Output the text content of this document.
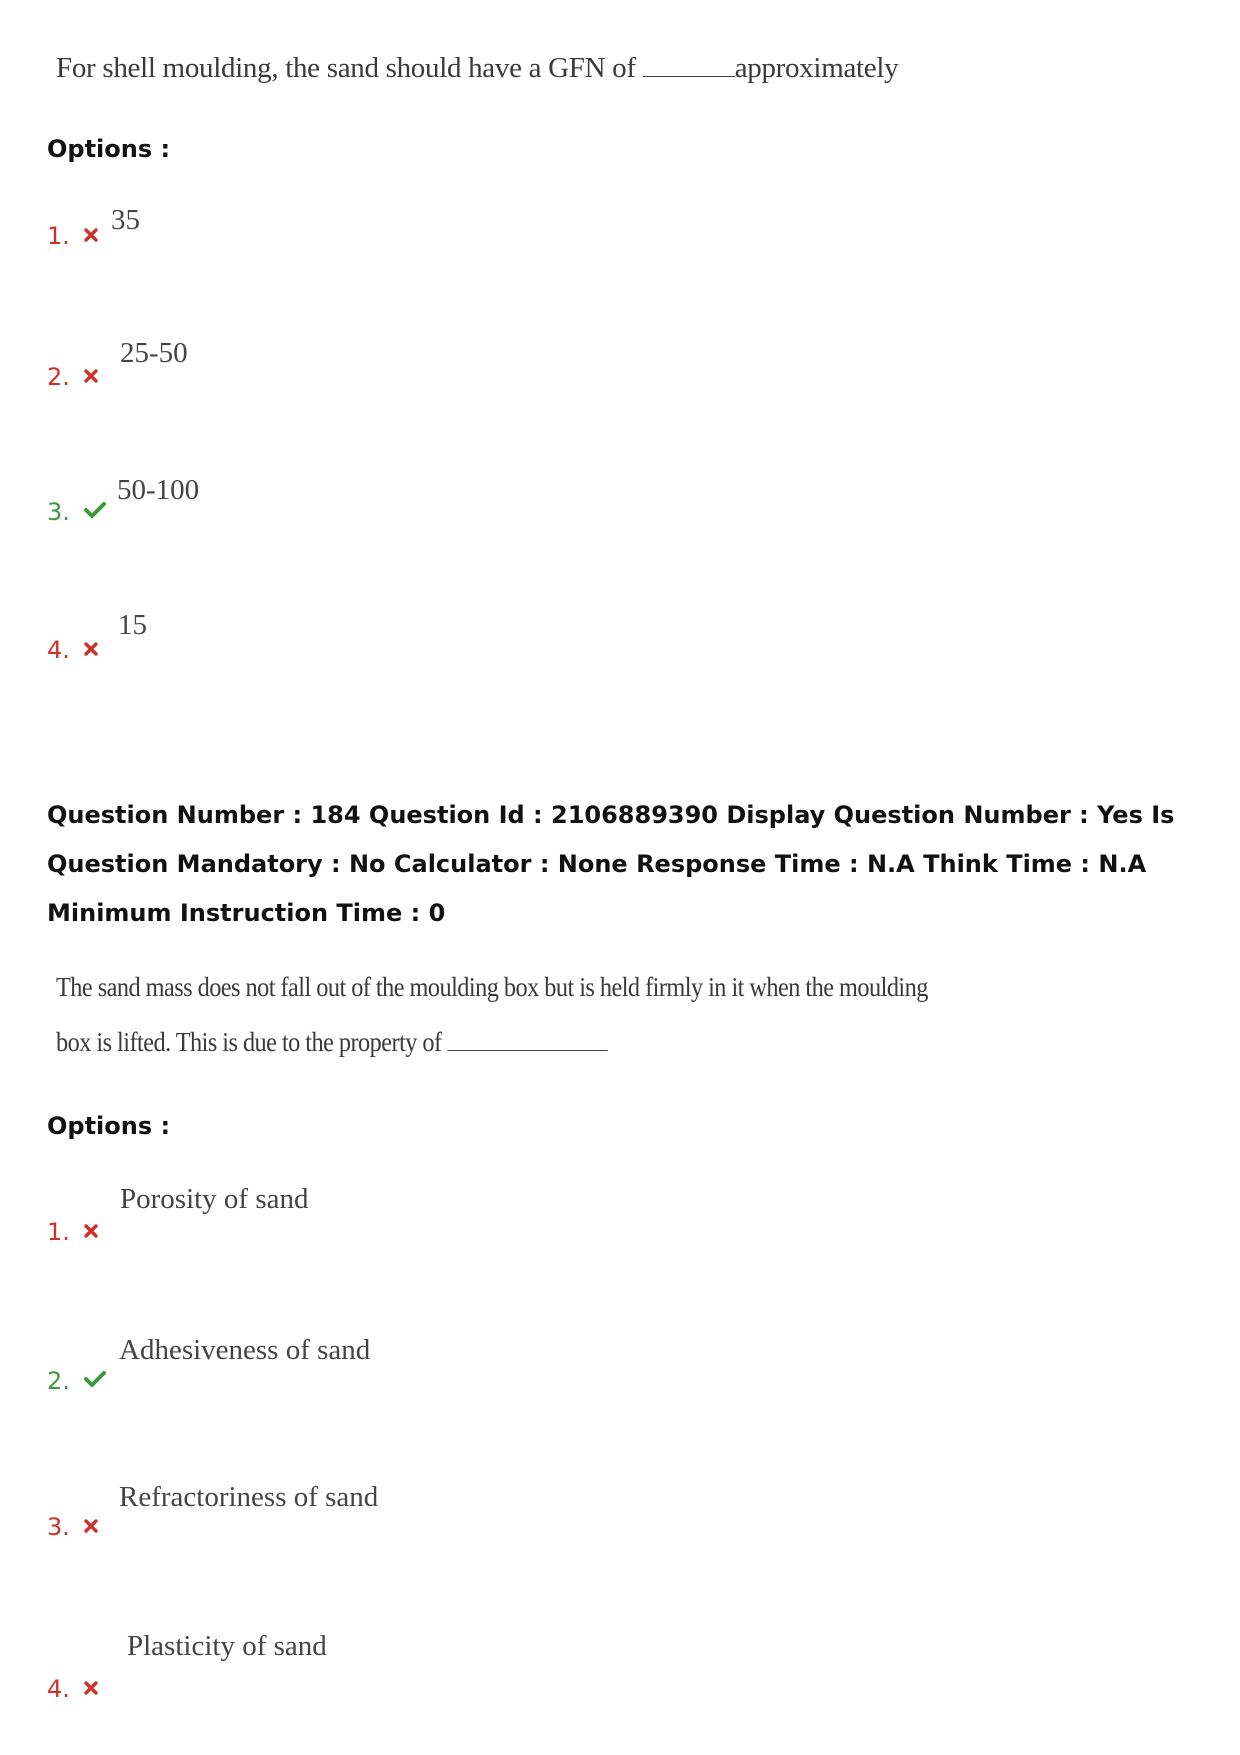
For shell moulding, the sand should have a GFN of	approximately
Options :
1.	35
2.
25-50
3.
50-100
4.
15
Question Number : 184 Question Id : 2106889390 Display Question Number : Yes Is Question Mandatory : No Calculator : None Response Time : N.A Think Time : N.A Minimum Instruction Time : 0
The sand mass does not fall out of the moulding box but is held firmly in it when the moulding
box is lifted. This is due to the property of
Options :
1.
Porosity of sand
2.
Adhesiveness of sand
3.
Refractoriness of sand
4.
Plasticity of sand
